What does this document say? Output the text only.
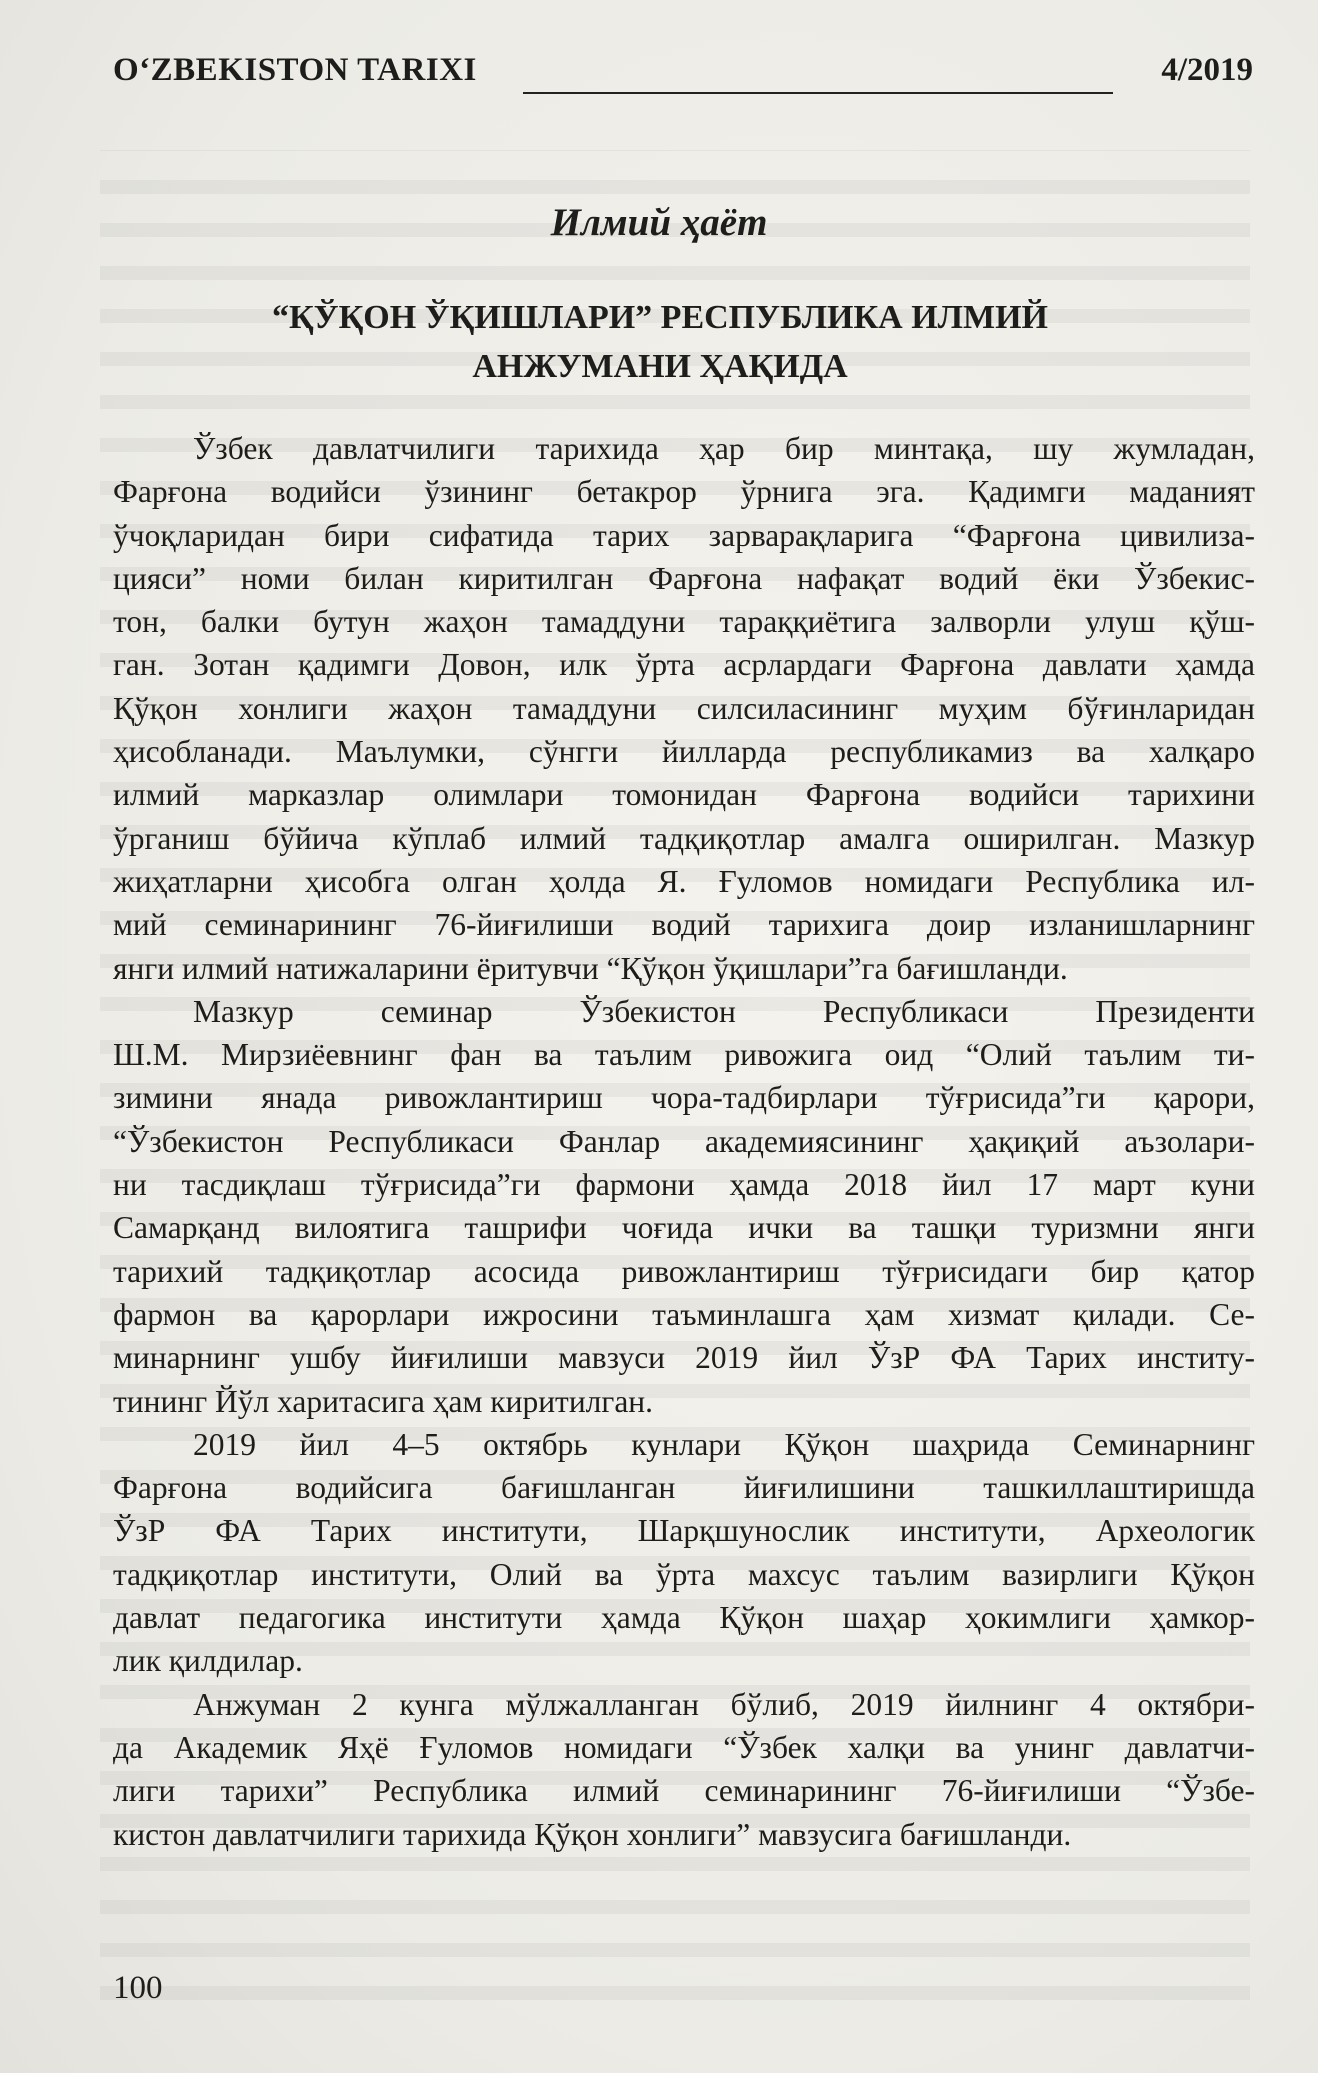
O‘ZBEKISTON TARIXI	4/2019
Илмий ҳаёт
“ҚЎҚОН ЎҚИШЛАРИ” РЕСПУБЛИКА ИЛМИЙ
АНЖУМАНИ ҲАҚИДА
Ўзбек давлатчилиги тарихида ҳар бир минтақа, шу жумладан,
Фарғона водийси ўзининг бетакрор ўрнига эга. Қадимги маданият
ўчоқларидан бири сифатида тарих зарварақларига “Фарғона цивилиза-
цияси” номи билан киритилган Фарғона нафақат водий ёки Ўзбекис-
тон, балки бутун жаҳон тамаддуни тараққиётига залворли улуш қўш-
ган. Зотан қадимги Довон, илк ўрта асрлардаги Фарғона давлати ҳамда
Қўқон хонлиги жаҳон тамаддуни силсиласининг муҳим бўғинларидан
ҳисобланади. Маълумки, сўнгги йилларда республикамиз ва халқаро
илмий марказлар олимлари томонидан Фарғона водийси тарихини
ўрганиш бўйича кўплаб илмий тадқиқотлар амалга оширилган. Мазкур
жиҳатларни ҳисобга олган ҳолда Я. Ғуломов номидаги Республика ил-
мий семинарининг 76-йиғилиши водий тарихига доир изланишларнинг
янги илмий натижаларини ёритувчи “Қўқон ўқишлари”га бағишланди.
Мазкур семинар Ўзбекистон Республикаси Президенти
Ш.М. Мирзиёевнинг фан ва таълим ривожига оид “Олий таълим ти-
зимини янада ривожлантириш чора-тадбирлари тўғрисида”ги қарори,
“Ўзбекистон Республикаси Фанлар академиясининг ҳақиқий аъзолари-
ни тасдиқлаш тўғрисида”ги фармони ҳамда 2018 йил 17 март куни
Самарқанд вилоятига ташрифи чоғида ички ва ташқи туризмни янги
тарихий тадқиқотлар асосида ривожлантириш тўғрисидаги бир қатор
фармон ва қарорлари ижросини таъминлашга ҳам хизмат қилади. Се-
минарнинг ушбу йиғилиши мавзуси 2019 йил ЎзР ФА Тарих институ-
тининг Йўл харитасига ҳам киритилган.
2019 йил 4–5 октябрь кунлари Қўқон шаҳрида Семинарнинг
Фарғона водийсига бағишланган йиғилишини ташкиллаштиришда
ЎзР ФА Тарих институти, Шарқшунослик институти, Археологик
тадқиқотлар институти, Олий ва ўрта махсус таълим вазирлиги Қўқон
давлат педагогика институти ҳамда Қўқон шаҳар ҳокимлиги ҳамкор-
лик қилдилар.
Анжуман 2 кунга мўлжалланган бўлиб, 2019 йилнинг 4 октябри-
да Академик Яҳё Ғуломов номидаги “Ўзбек халқи ва унинг давлатчи-
лиги тарихи” Республика илмий семинарининг 76-йиғилиши “Ўзбе-
кистон давлатчилиги тарихида Қўқон хонлиги” мавзусига бағишланди.
100
